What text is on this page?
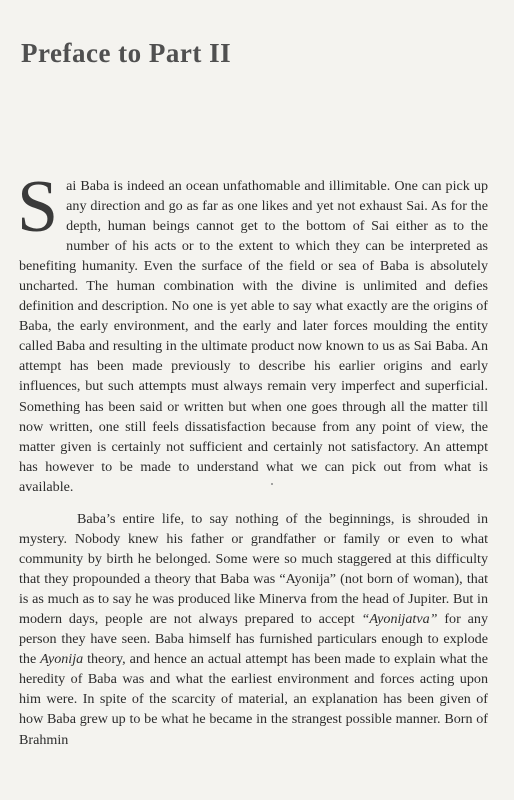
Preface to Part II

Sai Baba is indeed an ocean unfathomable and illimitable. One can pick up any direction and go as far as one likes and yet not exhaust Sai. As for the depth, human beings cannot get to the bottom of Sai either as to the number of his acts or to the extent to which they can be interpreted as benefiting humanity. Even the surface of the field or sea of Baba is absolutely uncharted. The human combination with the divine is unlimited and defies definition and description. No one is yet able to say what exactly are the origins of Baba, the early environment, and the early and later forces moulding the entity called Baba and resulting in the ultimate product now known to us as Sai Baba. An attempt has been made previously to describe his earlier origins and early influences, but such attempts must always remain very imperfect and superficial. Something has been said or written but when one goes through all the matter till now written, one still feels dissatisfaction because from any point of view, the matter given is certainly not sufficient and certainly not satisfactory. An attempt has however to be made to understand what we can pick out from what is available.

Baba’s entire life, to say nothing of the beginnings, is shrouded in mystery. Nobody knew his father or grandfather or family or even to what community by birth he belonged. Some were so much staggered at this difficulty that they propounded a theory that Baba was “Ayonija” (not born of woman), that is as much as to say he was produced like Minerva from the head of Jupiter. But in modern days, people are not always prepared to accept “Ayonijatva” for any person they have seen. Baba himself has furnished particulars enough to explode the Ayonija theory, and hence an actual attempt has been made to explain what the heredity of Baba was and what the earliest environment and forces acting upon him were. In spite of the scarcity of material, an explanation has been given of how Baba grew up to be what he became in the strangest possible manner. Born of Brahmin
